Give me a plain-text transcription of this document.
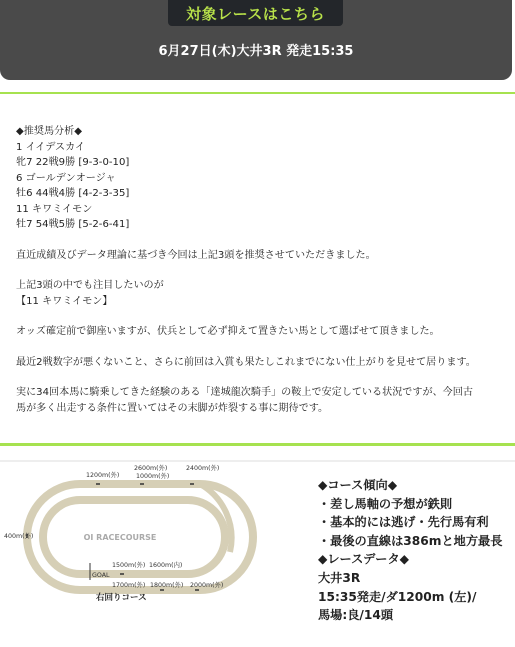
対象レースはこちら
6月27日(木)大井3R 発走15:35
◆推奨馬分析◆
1 イイデスカイ
牝7 22戦9勝 [9-3-0-10]
6 ゴールデンオージャ
牡6 44戦4勝 [4-2-3-35]
11 キワミイモン
牡7 54戦5勝 [5-2-6-41]
直近成績及びデータ理論に基づき今回は上記3頭を推奨させていただきました。
上記3頭の中でも注目したいのが
【11 キワミイモン】
オッズ確定前で御座いますが、伏兵として必ず抑えて置きたい馬として選ばせて頂きました。
最近2戦数字が悪くないこと、さらに前回は入賞も果たしこれまでにない仕上がりを見せて居ります。
実に34回本馬に騎乗してきた経験のある「達城龍次騎手」の鞍上で安定している状況ですが、今回古
馬が多く出走する条件に置いてはその末脚が炸裂する事に期待です。
OI RACECOURSE
1200m(外)
2600m(外)
1000m(外)
2400m(外)
400m(外)
1500m(外) 1600m(内)
GOAL
1700m(外) 1800m(外) 2000m(外)
右回りコース
◆コース傾向◆
・差し馬軸の予想が鉄則
・基本的には逃げ・先行馬有利
・最後の直線は386mと地方最長
◆レースデータ◆
大井3R
15:35発走/ダ1200m (左)/
馬場:良/14頭
